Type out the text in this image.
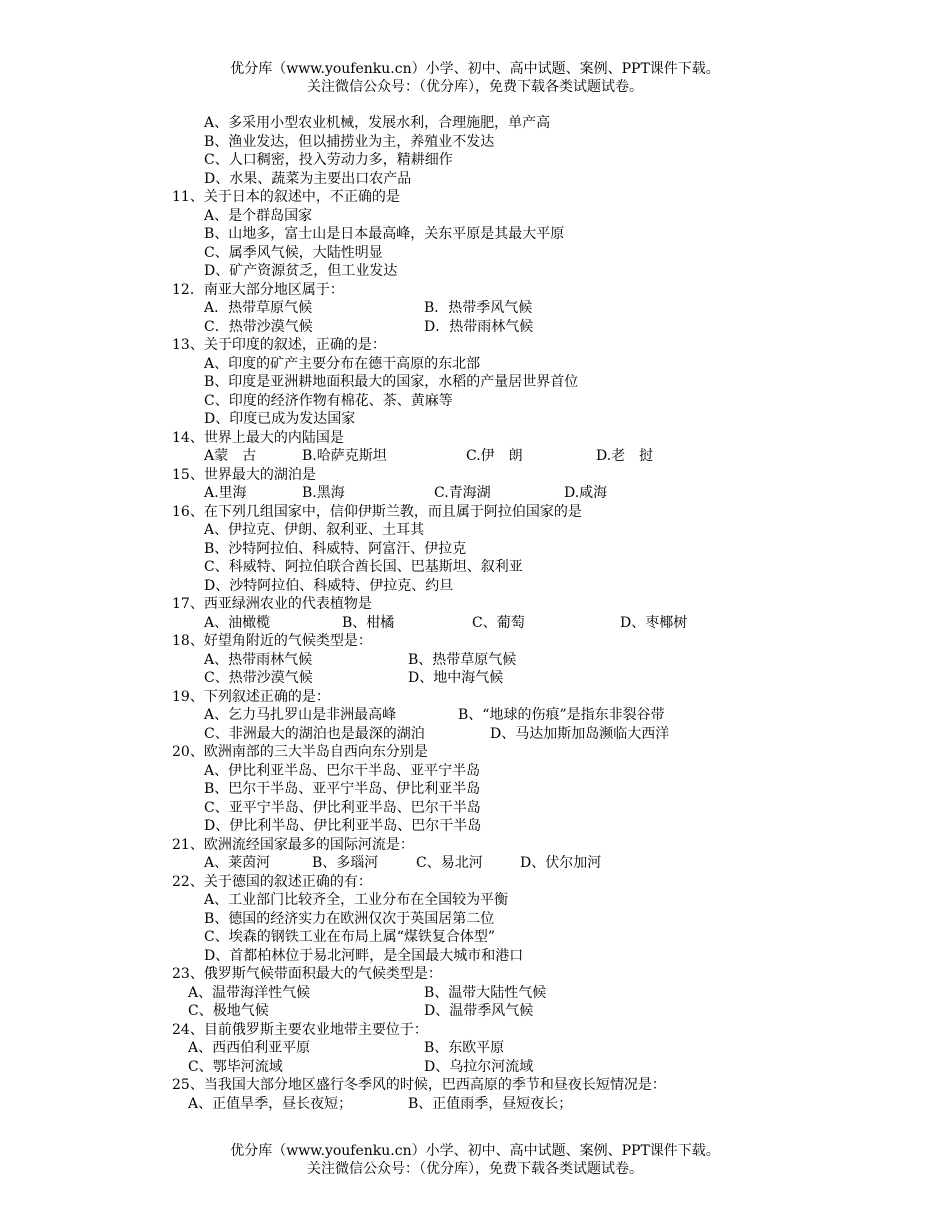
优分库（www.youfenku.cn）小学、初中、高中试题、案例、PPT课件下载。
关注微信公众号：（优分库），免费下载各类试题试卷。
A、多采用小型农业机械，发展水利，合理施肥，单产高
B、渔业发达，但以捕捞业为主，养殖业不发达
C、人口稠密，投入劳动力多，精耕细作
D、水果、蔬菜为主要出口农产品
11、关于日本的叙述中，不正确的是
A、是个群岛国家
B、山地多，富士山是日本最高峰，关东平原是其最大平原
C、属季风气候，大陆性明显
D、矿产资源贫乏，但工业发达
12．南亚大部分地区属于：
A．热带草原气候	B．热带季风气候
C．热带沙漠气候	D．热带雨林气候
13、关于印度的叙述，正确的是：
A、印度的矿产主要分布在德干高原的东北部
B、印度是亚洲耕地面积最大的国家，水稻的产量居世界首位
C、印度的经济作物有棉花、茶、黄麻等
D、印度已成为发达国家
14、世界上最大的内陆国是
A蒙　古	B.哈萨克斯坦	C.伊　朗	D.老　挝
15、世界最大的湖泊是
A.里海	B.黑海	C.青海湖	D.咸海
16、在下列几组国家中，信仰伊斯兰教，而且属于阿拉伯国家的是
A、伊拉克、伊朗、叙利亚、土耳其
B、沙特阿拉伯、科威特、阿富汗、伊拉克
C、科威特、阿拉伯联合酋长国、巴基斯坦、叙利亚
D、沙特阿拉伯、科威特、伊拉克、约旦
17、西亚绿洲农业的代表植物是
A、油橄榄	B、柑橘	C、葡萄	D、枣椰树
18、好望角附近的气候类型是：
A、热带雨林气候	B、热带草原气候
C、热带沙漠气候	D、地中海气候
19、下列叙述正确的是：
A、乞力马扎罗山是非洲最高峰	B、“地球的伤痕”是指东非裂谷带
C、非洲最大的湖泊也是最深的湖泊	D、马达加斯加岛濒临大西洋
20、欧洲南部的三大半岛自西向东分别是
A、伊比利亚半岛、巴尔干半岛、亚平宁半岛
B、巴尔干半岛、亚平宁半岛、伊比利亚半岛
C、亚平宁半岛、伊比利亚半岛、巴尔干半岛
D、伊比利半岛、伊比利亚半岛、巴尔干半岛
21、欧洲流经国家最多的国际河流是：
A、莱茵河	B、多瑙河	C、易北河	D、伏尔加河
22、关于德国的叙述正确的有：
A、工业部门比较齐全，工业分布在全国较为平衡
B、德国的经济实力在欧洲仅次于英国居第二位
C、埃森的钢铁工业在布局上属“煤铁复合体型”
D、首都柏林位于易北河畔，是全国最大城市和港口
23、俄罗斯气候带面积最大的气候类型是：
A、温带海洋性气候	B、温带大陆性气候
C、极地气候	D、温带季风气候
24、目前俄罗斯主要农业地带主要位于：
A、西西伯利亚平原	B、东欧平原
C、鄂毕河流域	D、乌拉尔河流域
25、当我国大部分地区盛行冬季风的时候，巴西高原的季节和昼夜长短情况是：
A、正值旱季，昼长夜短；	B、正值雨季，昼短夜长；
优分库（www.youfenku.cn）小学、初中、高中试题、案例、PPT课件下载。
关注微信公众号：（优分库），免费下载各类试题试卷。
